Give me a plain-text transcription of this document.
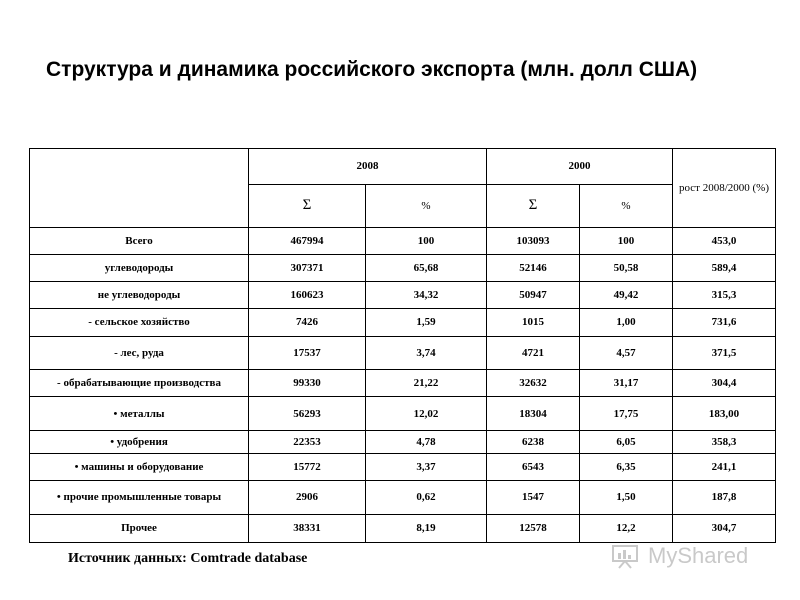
Структура и динамика российского экспорта (млн. долл США)
	2008		2000		рост 2008/2000 (%)
	Σ	%	Σ	%	
Всего	467994	100	103093	100	453,0
углеводороды	307371	65,68	52146	50,58	589,4
не углеводороды	160623	34,32	50947	49,42	315,3
- сельское хозяйство	7426	1,59	1015	1,00	731,6
- лес, руда	17537	3,74	4721	4,57	371,5
- обрабатывающие производства	99330	21,22	32632	31,17	304,4
• металлы	56293	12,02	18304	17,75	183,00
• удобрения	22353	4,78	6238	6,05	358,3
• машины и оборудование	15772	3,37	6543	6,35	241,1
• прочие промышленные товары	2906	0,62	1547	1,50	187,8
Прочее	38331	8,19	12578	12,2	304,7
Источник данных: Comtrade database	MyShared
